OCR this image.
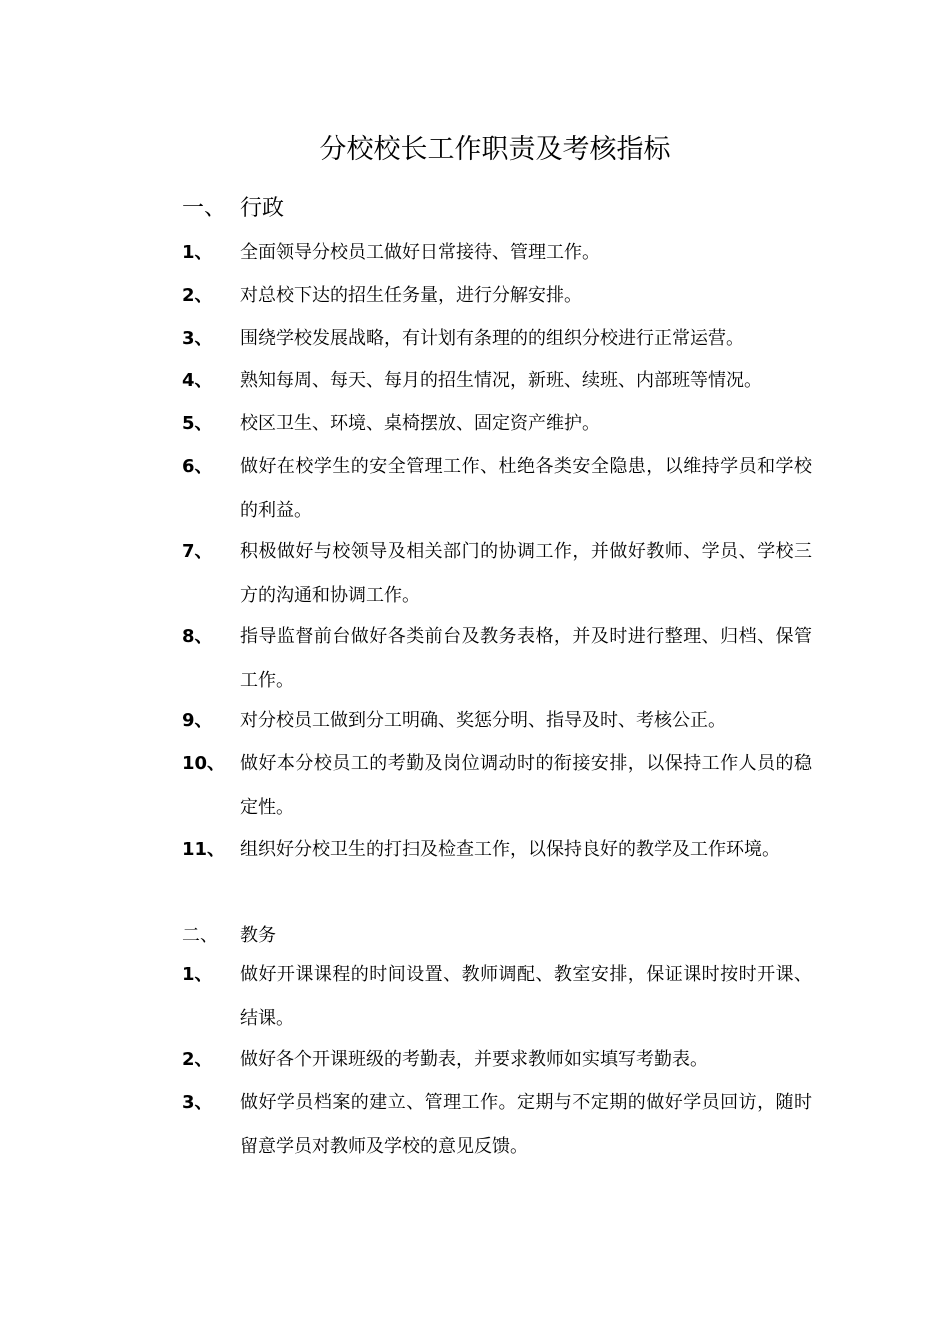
分校校长工作职责及考核指标
一、 行政
1、 全面领导分校员工做好日常接待、管理工作。
2、 对总校下达的招生任务量，进行分解安排。
3、 围绕学校发展战略，有计划有条理的的组织分校进行正常运营。
4、 熟知每周、每天、每月的招生情况，新班、续班、内部班等情况。
5、 校区卫生、环境、桌椅摆放、固定资产维护。
6、 做好在校学生的安全管理工作、杜绝各类安全隐患，以维持学员和学校的利益。
7、 积极做好与校领导及相关部门的协调工作，并做好教师、学员、学校三方的沟通和协调工作。
8、 指导监督前台做好各类前台及教务表格，并及时进行整理、归档、保管工作。
9、 对分校员工做到分工明确、奖惩分明、指导及时、考核公正。
10、 做好本分校员工的考勤及岗位调动时的衔接安排，以保持工作人员的稳定性。
11、 组织好分校卫生的打扫及检查工作，以保持良好的教学及工作环境。
二、 教务
1、 做好开课课程的时间设置、教师调配、教室安排，保证课时按时开课、结课。
2、 做好各个开课班级的考勤表，并要求教师如实填写考勤表。
3、 做好学员档案的建立、管理工作。定期与不定期的做好学员回访，随时留意学员对教师及学校的意见反馈。
